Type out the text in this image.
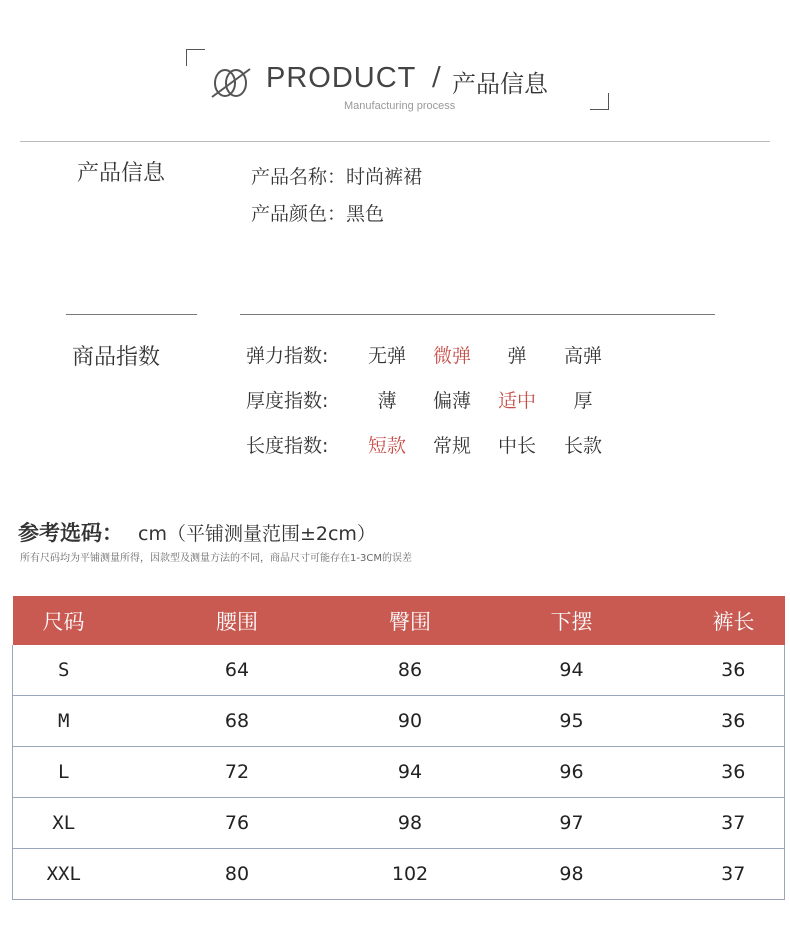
PRODUCT / 产品信息
Manufacturing process
产品信息	产品名称：时尚裤裙
产品颜色：黑色
商品指数	弹力指数:	无弹	微弹	弹	高弹
厚度指数:	薄	偏薄	适中	厚
长度指数:	短款	常规	中长	长款
参考选码： cm（平铺测量范围±2cm）
所有尺码均为平铺测量所得，因款型及测量方法的不同，商品尺寸可能存在1-3CM的误差
尺码	腰围	臀围	下摆	裤长
S	64	86	94	36
M	68	90	95	36
L	72	94	96	36
XL	76	98	97	37
XXL	80	102	98	37
